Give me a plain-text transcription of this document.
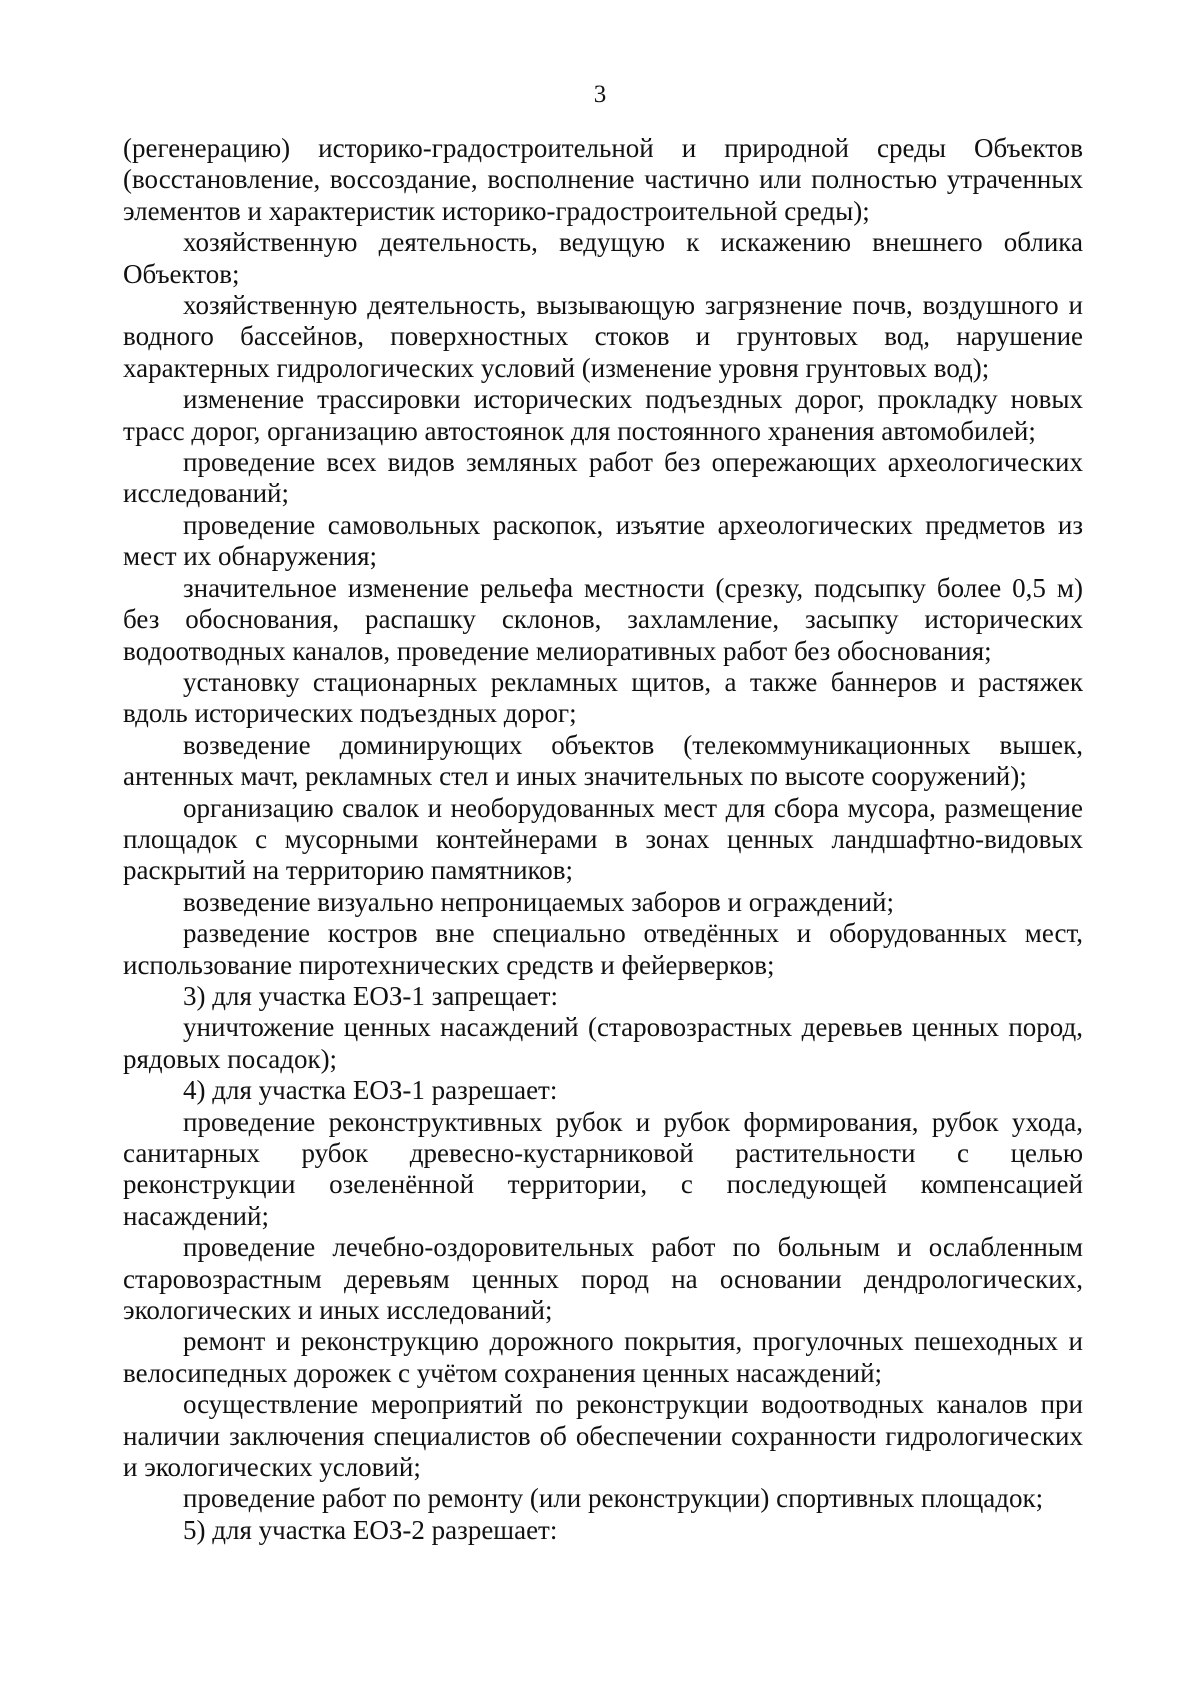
3

(регенерацию) историко-градостроительной и природной среды Объектов (восстановление, воссоздание, восполнение частично или полностью утраченных элементов и характеристик историко-градостроительной среды);

хозяйственную деятельность, ведущую к искажению внешнего облика Объектов;

хозяйственную деятельность, вызывающую загрязнение почв, воздушного и водного бассейнов, поверхностных стоков и грунтовых вод, нарушение характерных гидрологических условий (изменение уровня грунтовых вод);

изменение трассировки исторических подъездных дорог, прокладку новых трасс дорог, организацию автостоянок для постоянного хранения автомобилей;

проведение всех видов земляных работ без опережающих археологических исследований;

проведение самовольных раскопок, изъятие археологических предметов из мест их обнаружения;

значительное изменение рельефа местности (срезку, подсыпку более 0,5 м) без обоснования, распашку склонов, захламление, засыпку исторических водоотводных каналов, проведение мелиоративных работ без обоснования;

установку стационарных рекламных щитов, а также баннеров и растяжек вдоль исторических подъездных дорог;

возведение доминирующих объектов (телекоммуникационных вышек, антенных мачт, рекламных стел и иных значительных по высоте сооружений);

организацию свалок и необорудованных мест для сбора мусора, размещение площадок с мусорными контейнерами в зонах ценных ландшафтно-видовых раскрытий на территорию памятников;

возведение визуально непроницаемых заборов и ограждений;

разведение костров вне специально отведённых и оборудованных мест, использование пиротехнических средств и фейерверков;

3) для участка ЕОЗ-1 запрещает:

уничтожение ценных насаждений (старовозрастных деревьев ценных пород, рядовых посадок);

4) для участка ЕОЗ-1 разрешает:

проведение реконструктивных рубок и рубок формирования, рубок ухода, санитарных рубок древесно-кустарниковой растительности с целью реконструкции озеленённой территории, с последующей компенсацией насаждений;

проведение лечебно-оздоровительных работ по больным и ослабленным старовозрастным деревьям ценных пород на основании дендрологических, экологических и иных исследований;

ремонт и реконструкцию дорожного покрытия, прогулочных пешеходных и велосипедных дорожек с учётом сохранения ценных насаждений;

осуществление мероприятий по реконструкции водоотводных каналов при наличии заключения специалистов об обеспечении сохранности гидрологических и экологических условий;

проведение работ по ремонту (или реконструкции) спортивных площадок;

5) для участка ЕОЗ-2 разрешает:
